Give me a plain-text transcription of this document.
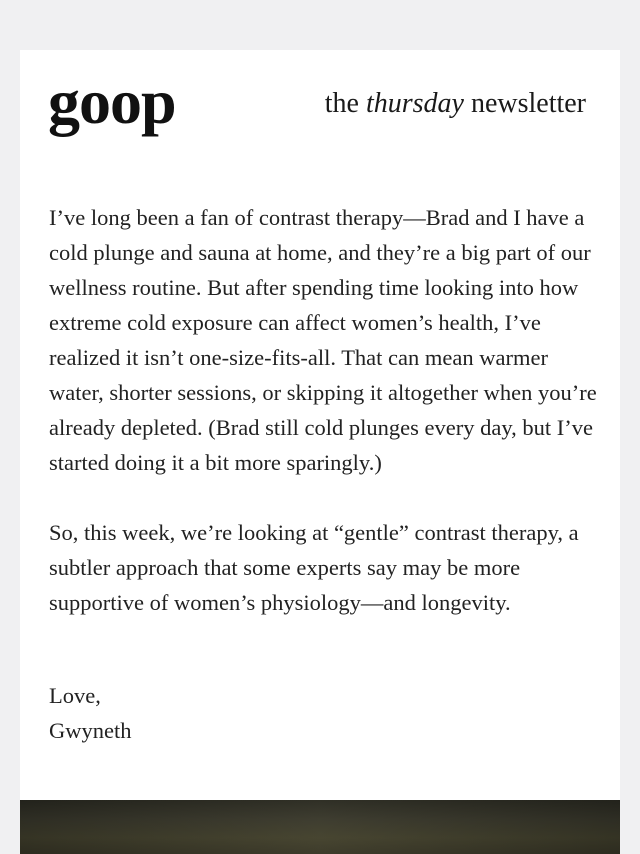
goop	the thursday newsletter

I’ve long been a fan of contrast therapy—Brad and I have a cold plunge and sauna at home, and they’re a big part of our wellness routine. But after spending time looking into how extreme cold exposure can affect women’s health, I’ve realized it isn’t one-size-fits-all. That can mean warmer water, shorter sessions, or skipping it altogether when you’re already depleted. (Brad still cold plunges every day, but I’ve started doing it a bit more sparingly.)

So, this week, we’re looking at “gentle” contrast therapy, a subtler approach that some experts say may be more supportive of women’s physiology—and longevity.

Love,
Gwyneth
